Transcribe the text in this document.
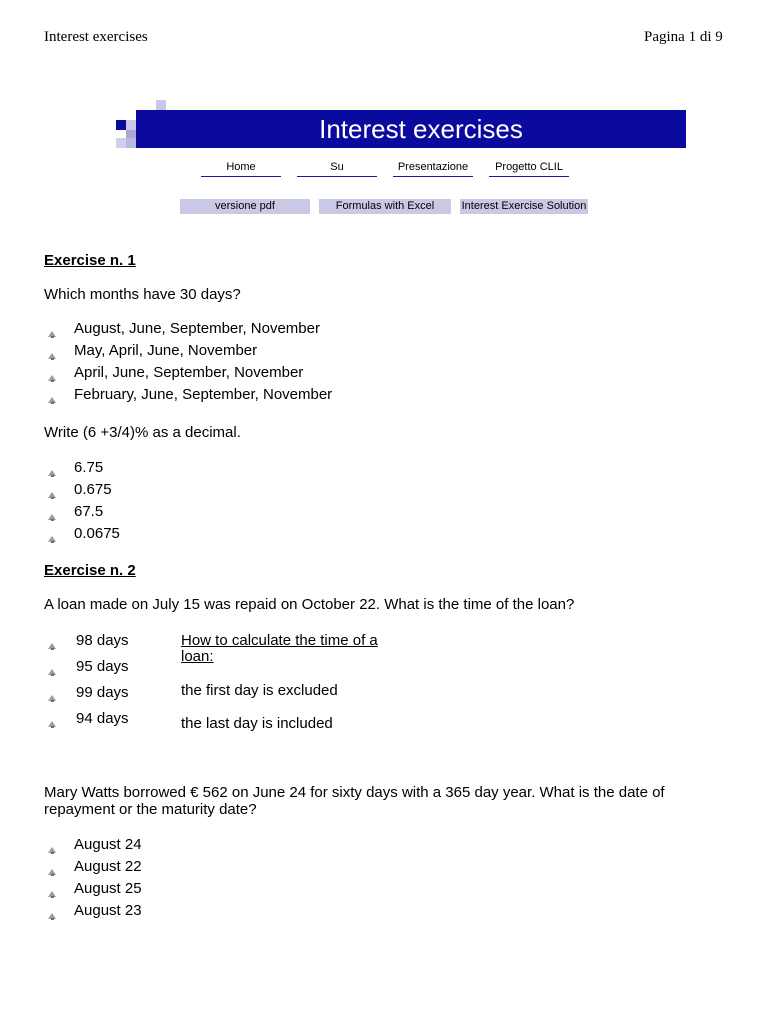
Interest exercises	Pagina 1 di 9
Interest exercises
Home	Su	Presentazione	Progetto CLIL
versione pdf	Formulas with Excel	Interest Exercise Solution
Exercise n. 1
Which months have 30 days?
August, June, September, November
May, April, June, November
April, June, September, November
February, June, September, November
Write (6 +3/4)% as a decimal.
6.75
0.675
67.5
0.0675
Exercise n. 2
A loan made on July 15 was repaid on October 22. What is the time of the loan?
98 days
95 days
99 days
94 days
How to calculate the time of a
loan:
the first day is excluded
the last day is included
Mary Watts borrowed € 562 on June 24 for sixty days with a 365 day year. What is the date of
repayment or the maturity date?
August 24
August 22
August 25
August 23
